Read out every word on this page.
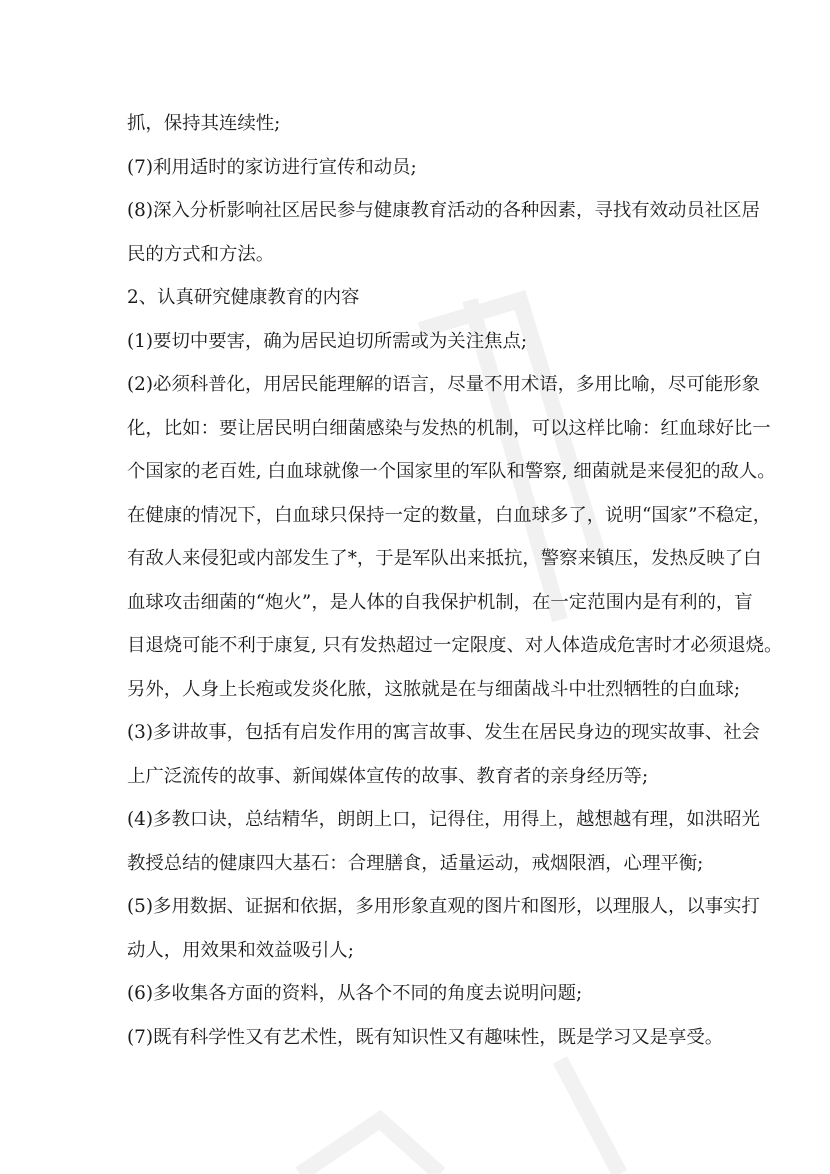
抓，保持其连续性;
(7)利用适时的家访进行宣传和动员;
(8)深入分析影响社区居民参与健康教育活动的各种因素，寻找有效动员社区居
民的方式和方法。
2、认真研究健康教育的内容
(1)要切中要害，确为居民迫切所需或为关注焦点;
(2)必须科普化，用居民能理解的语言，尽量不用术语，多用比喻，尽可能形象
化，比如：要让居民明白细菌感染与发热的机制，可以这样比喻：红血球好比一
个国家的老百姓, 白血球就像一个国家里的军队和警察, 细菌就是来侵犯的敌人。
在健康的情况下，白血球只保持一定的数量，白血球多了，说明“国家”不稳定，
有敌人来侵犯或内部发生了*，于是军队出来抵抗，警察来镇压，发热反映了白
血球攻击细菌的“炮火”，是人体的自我保护机制，在一定范围内是有利的，盲
目退烧可能不利于康复, 只有发热超过一定限度、对人体造成危害时才必须退烧。
另外，人身上长疱或发炎化脓，这脓就是在与细菌战斗中壮烈牺牲的白血球;
(3)多讲故事，包括有启发作用的寓言故事、发生在居民身边的现实故事、社会
上广泛流传的故事、新闻媒体宣传的故事、教育者的亲身经历等;
(4)多教口诀，总结精华，朗朗上口，记得住，用得上，越想越有理，如洪昭光
教授总结的健康四大基石：合理膳食，适量运动，戒烟限酒，心理平衡;
(5)多用数据、证据和依据，多用形象直观的图片和图形，以理服人，以事实打
动人，用效果和效益吸引人;
(6)多收集各方面的资料，从各个不同的角度去说明问题;
(7)既有科学性又有艺术性，既有知识性又有趣味性，既是学习又是享受。
